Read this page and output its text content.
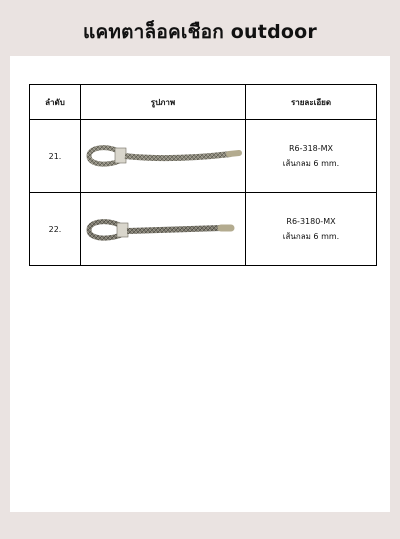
แคทตาล็อคเชือก outdoor
ลำดับ	รูปภาพ	รายละเอียด
21.		R6-318-MX
เส้นกลม 6 mm.

22.		R6-3180-MX
เส้นกลม 6 mm.
